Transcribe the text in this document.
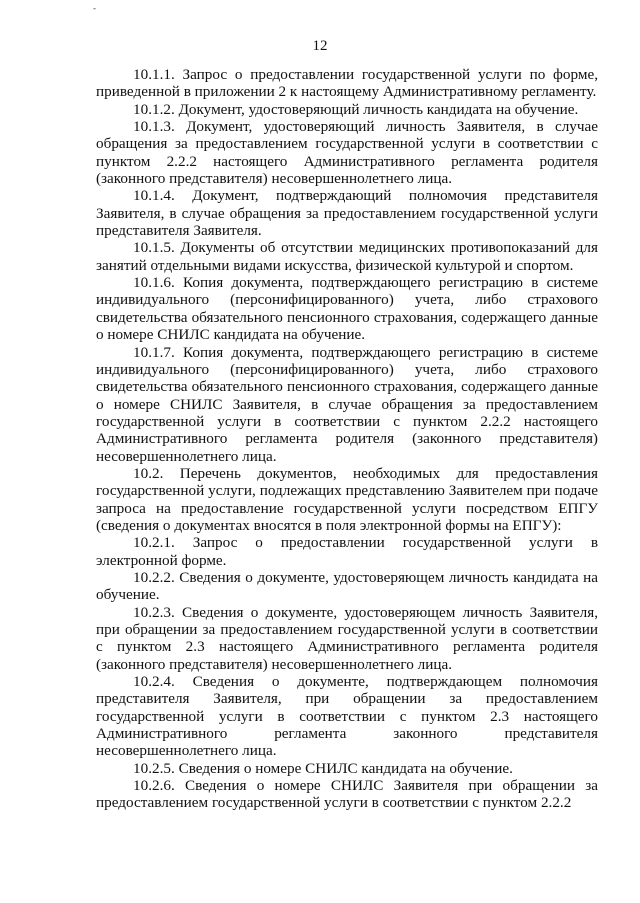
-
12

10.1.1. Запрос о предоставлении государственной услуги по форме, приведенной в приложении 2 к настоящему Административному регламенту.

10.1.2. Документ, удостоверяющий личность кандидата на обучение.

10.1.3. Документ, удостоверяющий личность Заявителя, в случае обращения за предоставлением государственной услуги в соответствии с пунктом 2.2.2 настоящего Административного регламента родителя (законного представителя) несовершеннолетнего лица.

10.1.4. Документ, подтверждающий полномочия представителя Заявителя, в случае обращения за предоставлением государственной услуги представителя Заявителя.

10.1.5. Документы об отсутствии медицинских противопоказаний для занятий отдельными видами искусства, физической культурой и спортом.

10.1.6. Копия документа, подтверждающего регистрацию в системе индивидуального (персонифицированного) учета, либо страхового свидетельства обязательного пенсионного страхования, содержащего данные о номере СНИЛС кандидата на обучение.

10.1.7. Копия документа, подтверждающего регистрацию в системе индивидуального (персонифицированного) учета, либо страхового свидетельства обязательного пенсионного страхования, содержащего данные о номере СНИЛС Заявителя, в случае обращения за предоставлением государственной услуги в соответствии с пунктом 2.2.2 настоящего Административного регламента родителя (законного представителя) несовершеннолетнего лица.

10.2. Перечень документов, необходимых для предоставления государственной услуги, подлежащих представлению Заявителем при подаче запроса на предоставление государственной услуги посредством ЕПГУ (сведения о документах вносятся в поля электронной формы на ЕПГУ):

10.2.1. Запрос о предоставлении государственной услуги в электронной форме.

10.2.2. Сведения о документе, удостоверяющем личность кандидата на обучение.

10.2.3. Сведения о документе, удостоверяющем личность Заявителя, при обращении за предоставлением государственной услуги в соответствии с пунктом 2.3 настоящего Административного регламента родителя (законного представителя) несовершеннолетнего лица.

10.2.4. Сведения о документе, подтверждающем полномочия представителя Заявителя, при обращении за предоставлением государственной услуги в соответствии с пунктом 2.3 настоящего Административного регламента законного представителя несовершеннолетнего лица.

10.2.5. Сведения о номере СНИЛС кандидата на обучение.

10.2.6. Сведения о номере СНИЛС Заявителя при обращении за предоставлением государственной услуги в соответствии с пунктом 2.2.2
